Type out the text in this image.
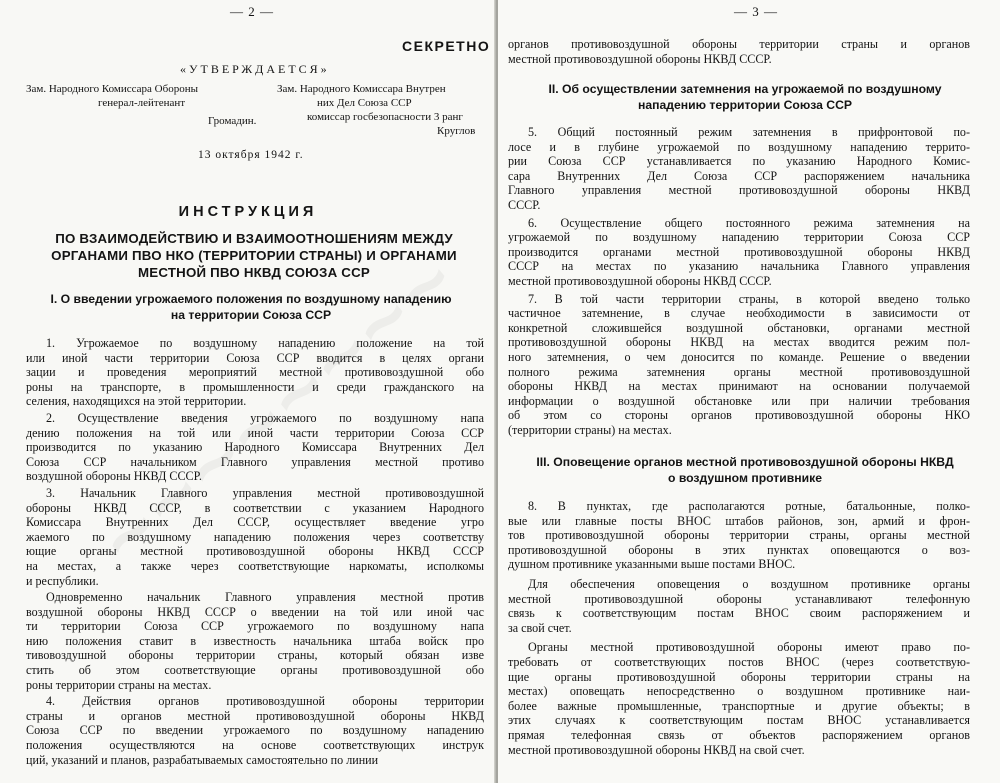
— 2 —
СЕКРЕТНО
«УТВЕРЖДАЕТСЯ»
Зам. Народного Комиссара Обороны
генерал-лейтенант
Громадин.
Зам. Народного Комиссара Внутрен
них Дел Союза ССР
комиссар госбезопасности 3 ранг
Круглов
13 октября 1942 г.
ИНСТРУКЦИЯ
ПО ВЗАИМОДЕЙСТВИЮ И ВЗАИМООТНОШЕНИЯМ МЕЖДУ
ОРГАНАМИ ПВО НКО (ТЕРРИТОРИИ СТРАНЫ) И ОРГАНАМИ
МЕСТНОЙ ПВО НКВД СОЮЗА ССР
I. О введении угрожаемого положения по воздушному нападению
на территории Союза ССР
1. Угрожаемое по воздушному нападению положение на той
или иной части территории Союза ССР вводится в целях органи
зации и проведения мероприятий местной противовоздушной обо
роны на транспорте, в промышленности и среди гражданского на
селения, находящихся на этой территории.
2. Осуществление введения угрожаемого по воздушному напа
дению положения на той или иной части территории Союза ССР
производится по указанию Народного Комиссара Внутренних Дел
Союза ССР начальником Главного управления местной противо
воздушной обороны НКВД СССР.
3. Начальник Главного управления местной противовоздушной
обороны НКВД СССР, в соответствии с указанием Народного
Комиссара Внутренних Дел СССР, осуществляет введение угро
жаемого по воздушному нападению положения через соответству
ющие органы местной противовоздушной обороны НКВД СССР
на местах, а также через соответствующие наркоматы, исполкомы
и республики.
Одновременно начальник Главного управления местной против
воздушной обороны НКВД СССР о введении на той или иной час
ти территории Союза ССР угрожаемого по воздушному напа
нию положения ставит в известность начальника штаба войск про
тивовоздушной обороны территории страны, который обязан изве
стить об этом соответствующие органы противовоздушной обо
роны территории страны на местах.
4. Действия органов противовоздушной обороны территории
страны и органов местной противовоздушной обороны НКВД
Союза ССР по введении угрожаемого по воздушному нападению
положения осуществляются на основе соответствующих инструк
ций, указаний и планов, разрабатываемых самостоятельно по линии
— 3 —
органов противовоздушной обороны территории страны и органов
местной противовоздушной обороны НКВД СССР.
II. Об осуществлении затемнения на угрожаемой по воздушному
нападению территории Союза ССР
5. Общий постоянный режим затемнения в прифронтовой по-
лосе и в глубине угрожаемой по воздушному нападению террито-
рии Союза ССР устанавливается по указанию Народного Комис-
сара Внутренних Дел Союза ССР распоряжением начальника
Главного управления местной противовоздушной обороны НКВД
СССР.
6. Осуществление общего постоянного режима затемнения на
угрожаемой по воздушному нападению территории Союза ССР
производится органами местной противовоздушной обороны НКВД
СССР на местах по указанию начальника Главного управления
местной противовоздушной обороны НКВД СССР.
7. В той части территории страны, в которой введено только
частичное затемнение, в случае необходимости в зависимости от
конкретной сложившейся воздушной обстановки, органами местной
противовоздушной обороны НКВД на местах вводится режим пол-
ного затемнения, о чем доносится по команде. Решение о введении
полного режима затемнения органы местной противовоздушной
обороны НКВД на местах принимают на основании получаемой
информации о воздушной обстановке или при наличии требования
об этом со стороны органов противовоздушной обороны НКО
(территории страны) на местах.
III. Оповещение органов местной противовоздушной обороны НКВД
о воздушном противнике
8. В пунктах, где располагаются ротные, батальонные, полко-
вые или главные посты ВНОС штабов районов, зон, армий и фрон-
тов противовоздушной обороны территории страны, органы местной
противовоздушной обороны в этих пунктах оповещаются о воз-
душном противнике указанными выше постами ВНОС.
Для обеспечения оповещения о воздушном противнике органы
местной противовоздушной обороны устанавливают телефонную
связь к соответствующим постам ВНОС своим распоряжением и
за свой счет.
Органы местной противовоздушной обороны имеют право по-
требовать от соответствующих постов ВНОС (через соответствую-
щие органы противовоздушной обороны территории страны на
местах) оповещать непосредственно о воздушном противнике наи-
более важные промышленные, транспортные и другие объекты; в
этих случаях к соответствующим постам ВНОС устанавливается
прямая телефонная связь от объектов распоряжением органов
местной противовоздушной обороны НКВД на свой счет.
